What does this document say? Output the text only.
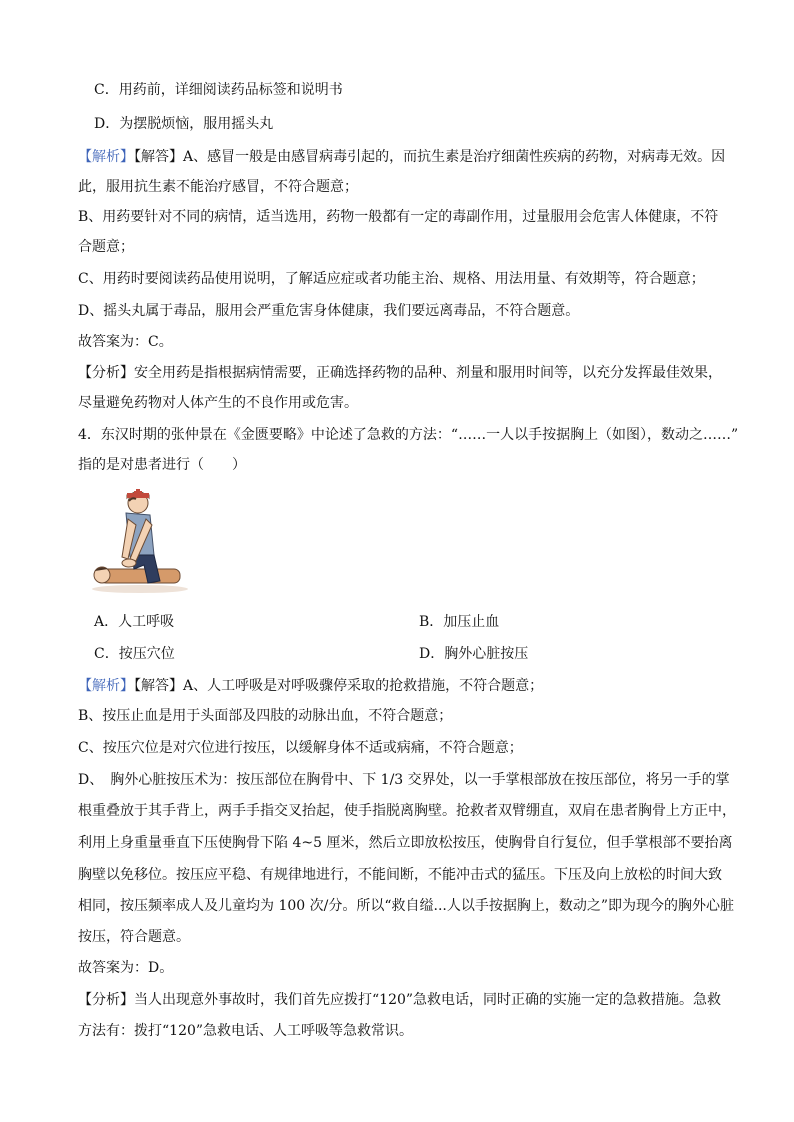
C．用药前，详细阅读药品标签和说明书
D．为摆脱烦恼，服用摇头丸
【解析】【解答】A、感冒一般是由感冒病毒引起的，而抗生素是治疗细菌性疾病的药物，对病毒无效。因
此，服用抗生素不能治疗感冒，不符合题意；
B、用药要针对不同的病情，适当选用，药物一般都有一定的毒副作用，过量服用会危害人体健康，不符
合题意；
C、用药时要阅读药品使用说明，了解适应症或者功能主治、规格、用法用量、有效期等，符合题意；
D、摇头丸属于毒品，服用会严重危害身体健康，我们要远离毒品，不符合题意。
故答案为：C。
【分析】安全用药是指根据病情需要，正确选择药物的品种、剂量和服用时间等，以充分发挥最佳效果，
尽量避免药物对人体产生的不良作用或危害。
4．东汉时期的张仲景在《金匮要略》中论述了急救的方法：“……一人以手按据胸上（如图），数动之……”
指的是对患者进行（　　）
A．人工呼吸	B．加压止血
C．按压穴位	D．胸外心脏按压
【解析】【解答】A、人工呼吸是对呼吸骤停采取的抢救措施，不符合题意；
B、按压止血是用于头面部及四肢的动脉出血，不符合题意；
C、按压穴位是对穴位进行按压，以缓解身体不适或病痛，不符合题意；
D、　胸外心脏按压术为：按压部位在胸骨中、下 1/3 交界处，以一手掌根部放在按压部位，将另一手的掌
根重叠放于其手背上，两手手指交叉抬起，使手指脱离胸壁。抢救者双臂绷直，双肩在患者胸骨上方正中，
利用上身重量垂直下压使胸骨下陷 4~5 厘米，然后立即放松按压，使胸骨自行复位，但手掌根部不要抬离
胸壁以免移位。按压应平稳、有规律地进行，不能间断，不能冲击式的猛压。下压及向上放松的时间大致
相同，按压频率成人及儿童均为 100 次/分。所以“救自缢...人以手按据胸上，数动之”即为现今的胸外心脏
按压，符合题意。
故答案为：D。
【分析】当人出现意外事故时，我们首先应拨打“120”急救电话，同时正确的实施一定的急救措施。急救
方法有：拨打“120”急救电话、人工呼吸等急救常识。
